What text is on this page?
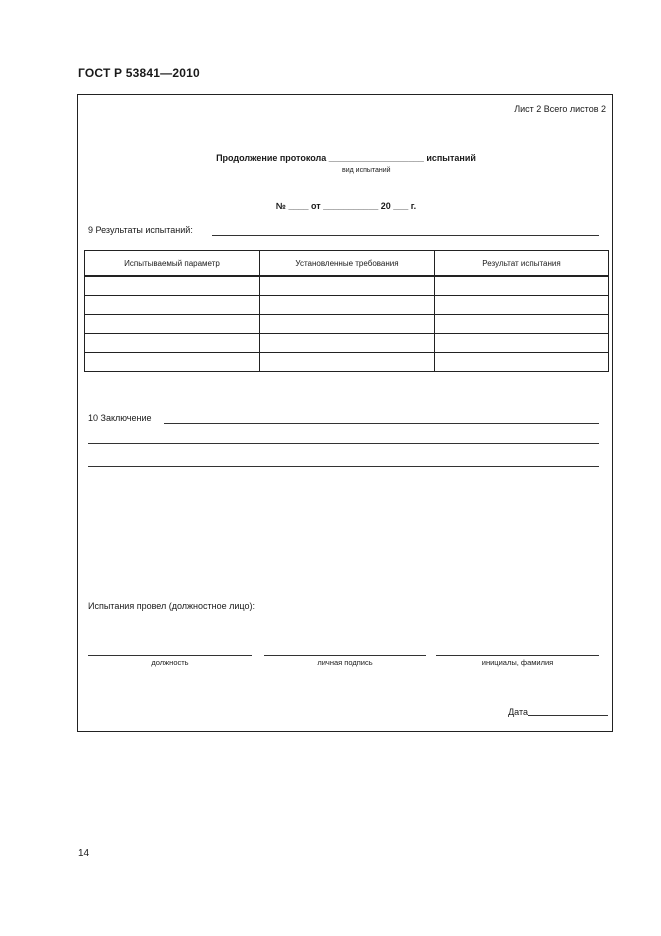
ГОСТ Р 53841—2010
Лист 2 Всего листов 2
Продолжение протокола ___________________ испытаний
вид испытаний
№ ____ от ___________ 20 ___ г.
9 Результаты испытаний:
Испытываемый параметр	Установленные требования	Результат испытания

10 Заключение
Испытания провел (должностное лицо):
должность	личная подпись	инициалы, фамилия
Дата
14
